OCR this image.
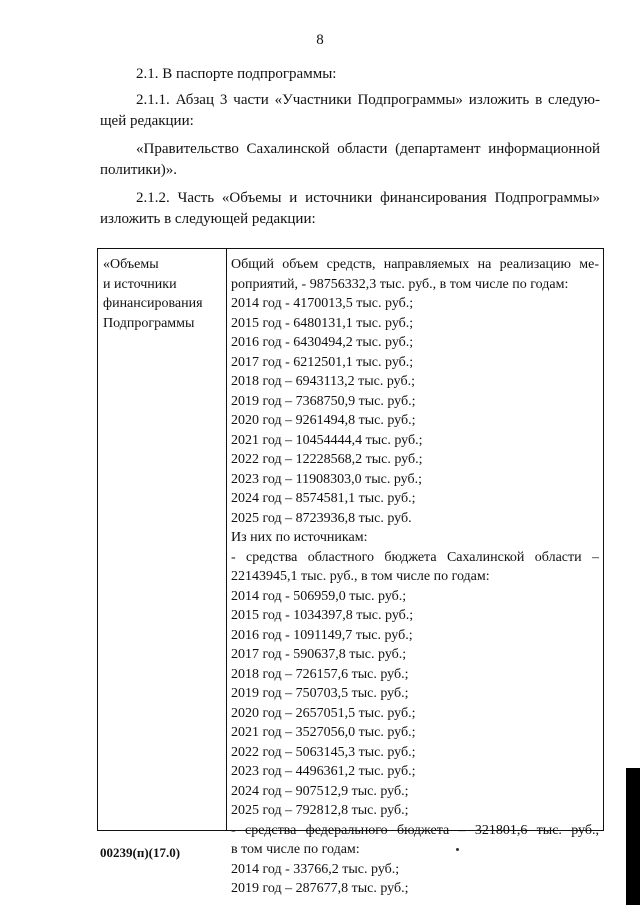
8

2.1. В паспорте подпрограммы:

2.1.1. Абзац 3 части «Участники Подпрограммы» изложить в следую-

щей редакции:

«Правительство Сахалинской области (департамент информационной

политики)».

2.1.2. Часть «Объемы и источники финансирования Подпрограммы»

изложить в следующей редакции:

«Объемы
и источники
финансирования
Подпрограммы
Общий объем средств, направляемых на реализацию ме-
роприятий, - 98756332,3 тыс. руб., в том числе по годам:
2014 год - 4170013,5 тыс. руб.;
2015 год - 6480131,1 тыс. руб.;
2016 год - 6430494,2 тыс. руб.;
2017 год - 6212501,1 тыс. руб.;
2018 год – 6943113,2 тыс. руб.;
2019 год – 7368750,9 тыс. руб.;
2020 год – 9261494,8 тыс. руб.;
2021 год – 10454444,4 тыс. руб.;
2022 год – 12228568,2 тыс. руб.;
2023 год – 11908303,0 тыс. руб.;
2024 год – 8574581,1 тыс. руб.;
2025 год – 8723936,8 тыс. руб.
Из них по источникам:
- средства областного бюджета Сахалинской области –
22143945,1 тыс. руб., в том числе по годам:
2014 год - 506959,0 тыс. руб.;
2015 год - 1034397,8 тыс. руб.;
2016 год - 1091149,7 тыс. руб.;
2017 год - 590637,8 тыс. руб.;
2018 год – 726157,6 тыс. руб.;
2019 год – 750703,5 тыс. руб.;
2020 год – 2657051,5 тыс. руб.;
2021 год – 3527056,0 тыс. руб.;
2022 год – 5063145,3 тыс. руб.;
2023 год – 4496361,2 тыс. руб.;
2024 год – 907512,9 тыс. руб.;
2025 год – 792812,8 тыс. руб.;
- средства федерального бюджета – 321801,6 тыс. руб.,
в том числе по годам:
2014 год - 33766,2 тыс. руб.;
2019 год – 287677,8 тыс. руб.;
00239(п)(17.0)
